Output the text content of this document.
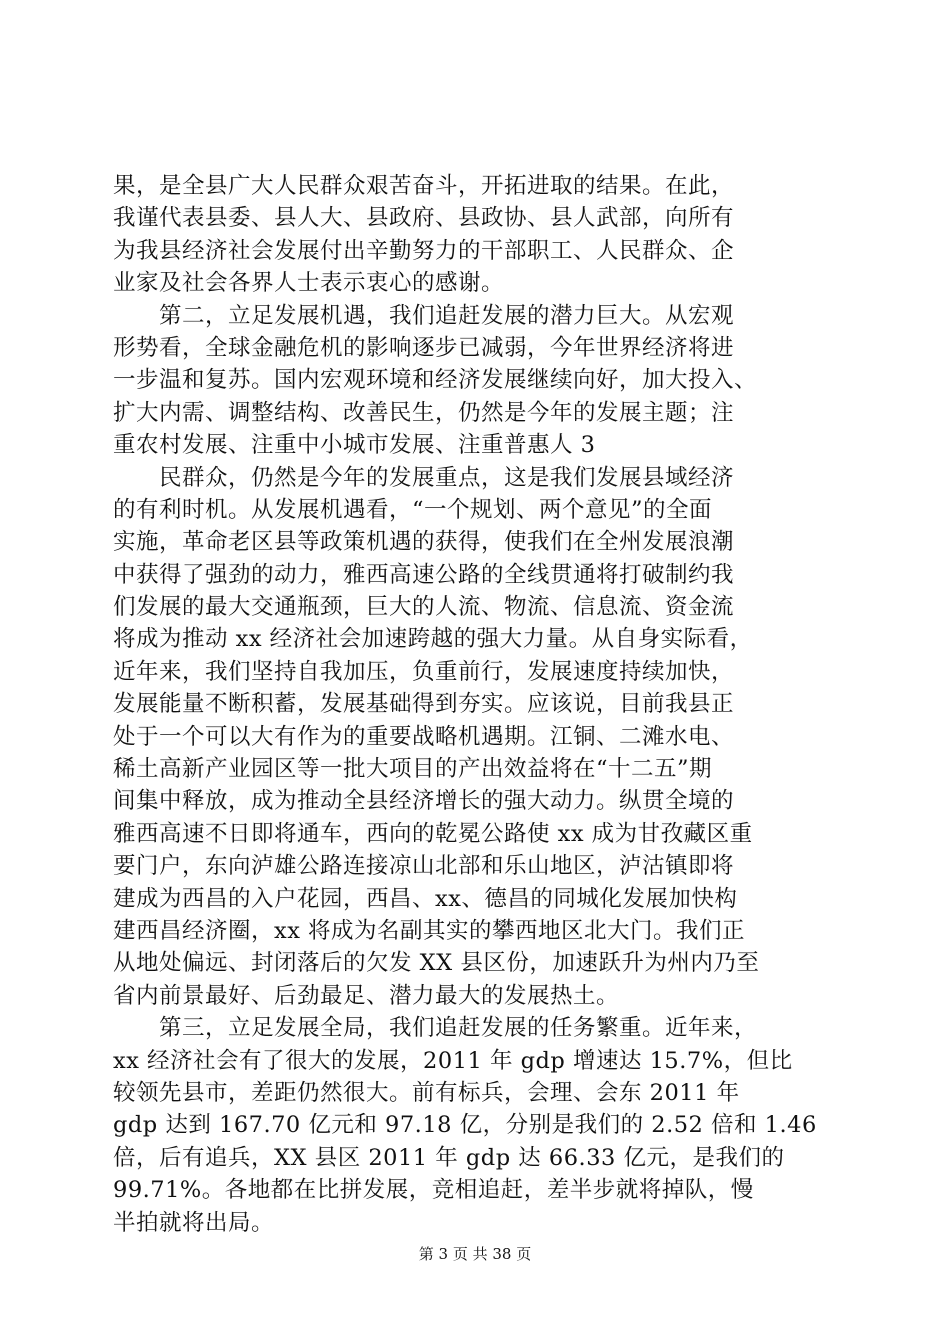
果，是全县广大人民群众艰苦奋斗，开拓进取的结果。在此，
我谨代表县委、县人大、县政府、县政协、县人武部，向所有
为我县经济社会发展付出辛勤努力的干部职工、人民群众、企
业家及社会各界人士表示衷心的感谢。
　　第二，立足发展机遇，我们追赶发展的潜力巨大。从宏观
形势看，全球金融危机的影响逐步已减弱，今年世界经济将进
一步温和复苏。国内宏观环境和经济发展继续向好，加大投入、
扩大内需、调整结构、改善民生，仍然是今年的发展主题；注
重农村发展、注重中小城市发展、注重普惠人 3
　　民群众，仍然是今年的发展重点，这是我们发展县域经济
的有利时机。从发展机遇看，“一个规划、两个意见”的全面
实施，革命老区县等政策机遇的获得，使我们在全州发展浪潮
中获得了强劲的动力，雅西高速公路的全线贯通将打破制约我
们发展的最大交通瓶颈，巨大的人流、物流、信息流、资金流
将成为推动 xx 经济社会加速跨越的强大力量。从自身实际看，
近年来，我们坚持自我加压，负重前行，发展速度持续加快，
发展能量不断积蓄，发展基础得到夯实。应该说，目前我县正
处于一个可以大有作为的重要战略机遇期。江铜、二滩水电、
稀土高新产业园区等一批大项目的产出效益将在“十二五”期
间集中释放，成为推动全县经济增长的强大动力。纵贯全境的
雅西高速不日即将通车，西向的乾冕公路使 xx 成为甘孜藏区重
要门户，东向泸雄公路连接凉山北部和乐山地区，泸沽镇即将
建成为西昌的入户花园，西昌、xx、德昌的同城化发展加快构
建西昌经济圈，xx 将成为名副其实的攀西地区北大门。我们正
从地处偏远、封闭落后的欠发 XX 县区份，加速跃升为州内乃至
省内前景最好、后劲最足、潜力最大的发展热土。
　　第三，立足发展全局，我们追赶发展的任务繁重。近年来，
xx 经济社会有了很大的发展，2011 年 gdp 增速达 15.7%，但比
较领先县市，差距仍然很大。前有标兵，会理、会东 2011 年
gdp 达到 167.70 亿元和 97.18 亿，分别是我们的 2.52 倍和 1.46
倍，后有追兵，XX 县区 2011 年 gdp 达 66.33 亿元，是我们的
99.71%。各地都在比拼发展，竞相追赶，差半步就将掉队，慢
半拍就将出局。
第 3 页 共 38 页
